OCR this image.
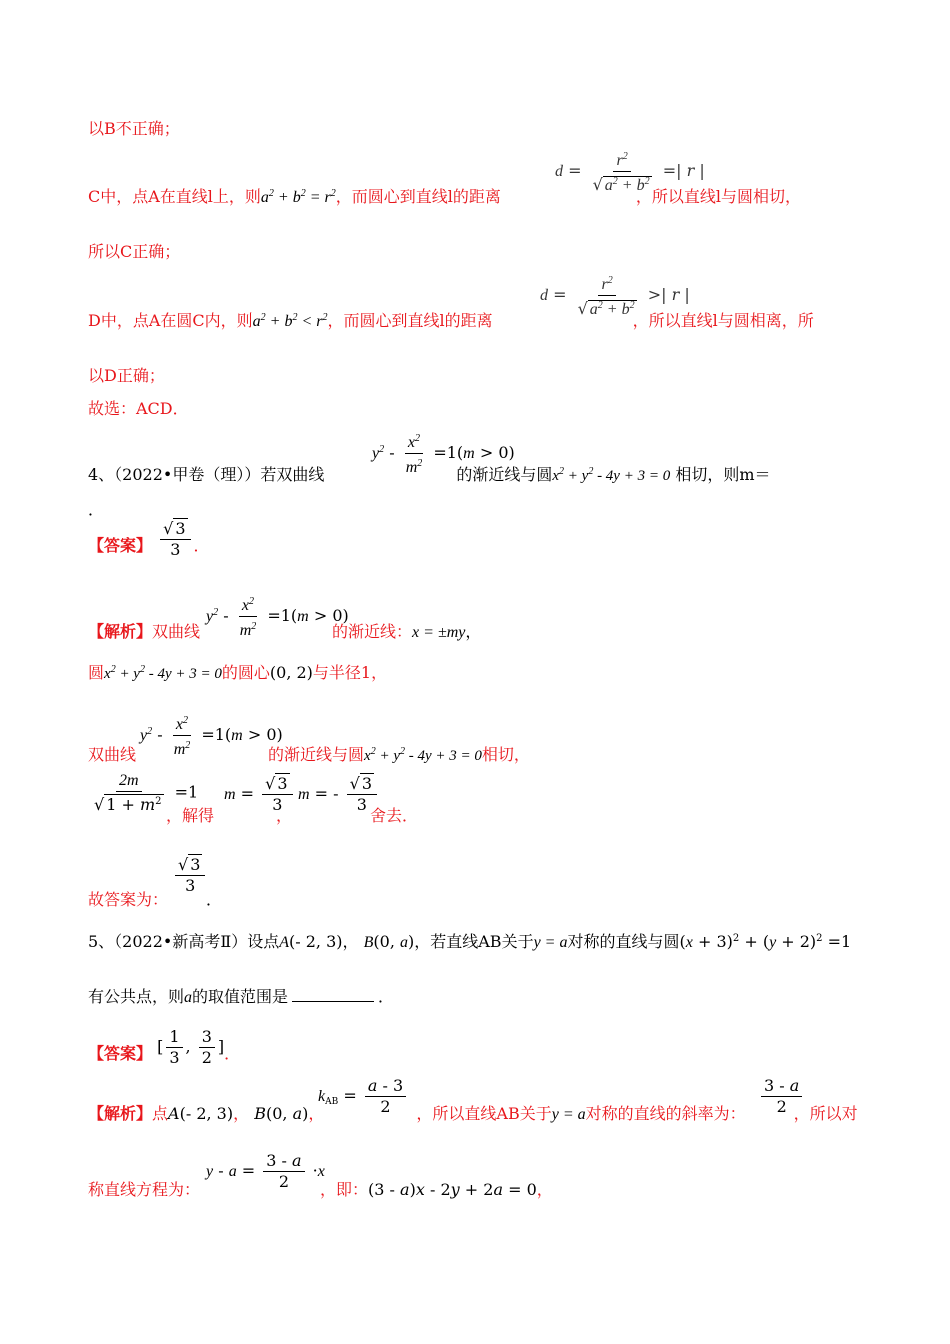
以B不正确；
$d = \frac{r^2}{√ a^2 + b^2}$ =| r |
C中，点A在直线l上，则$a^2 + b^2 = r^2$，而圆心到直线l的距离	，所以直线l与圆相切，
所以C正确；
$d = \frac{r^2}{√ a^2 + b^2}$ >| r |
D中，点A在圆C内，则$a^2 + b^2 < r^2$，而圆心到直线l的距离	，所以直线l与圆相离，所
以D正确；
故选：ACD．
$y^2 - \frac{x^2}{m^2} =1(m > 0)$
4、（2022•甲卷（理））若双曲线	的渐近线与圆$x^2 + y^2 - 4y + 3 = 0$ 相切，则m＝
．
【答案】 $\frac{√ 3}{3}$ ．
$y^2 - \frac{x^2}{m^2} =1(m > 0)$
【解析】双曲线	的渐近线：x = ±my，
圆$x^2 + y^2 - 4y + 3 = 0$的圆心(0, 2)与半径1，
$y^2 - \frac{x^2}{m^2} =1(m > 0)$
双曲线	的渐近线与圆$x^2 + y^2 - 4y + 3 = 0$相切，
$\frac{2m}{√ 1 + m^2} =1$ $m = \frac{√ 3}{3}$ m = - $\frac{√ 3}{3}$
，解得	，	舍去．
$\frac{√ 3}{3}$
故答案为： ．
5、（2022•新高考Ⅱ）设点A(- 2, 3)， B(0, a)，若直线AB关于y = a对称的直线与圆$(x + 3)^2 + (y + 2)^2 =1$
有公共点，则a的取值范围是	．
【答案】 [ $\frac{1}{3}$ , $\frac{3}{2}$ ]．
$k_{AB} = \frac{a - 3}{2}$	$\frac{3 - a}{2}$
【解析】点A(- 2, 3)， B(0, a)，	，所以直线AB关于y = a对称的直线的斜率为：	，所以对
$y - a = \frac{3 - a}{2} \cdot x$
称直线方程为：	，即：(3 - a)x - 2y + 2a = 0，
